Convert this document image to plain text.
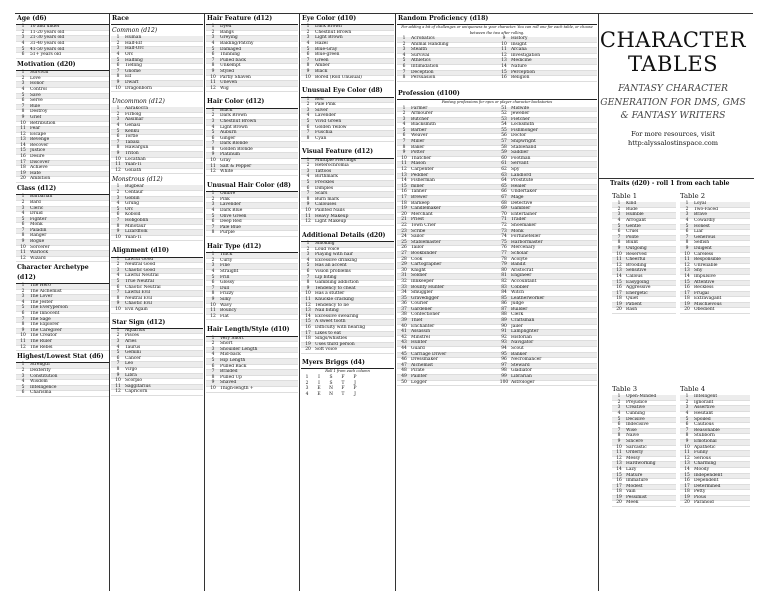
Age (d6)
1	10 and under
2	11-20 years old
3	21-30 years old
4	31-40 years old
5	41-50 years old
6	51+ years old
Motivation (d20)
1	Survival
2	Love
3	Honor
4	Control
5	Save
6	Serve
7	Rule
8	Destroy
9	Grief
10 Retribution
11 Fear
12 Escape
13 Revenge
14 Recover
15 Justice
16 Desire
17 Discover
18 Achieve
19 Hate
20 Ambition
Class (d12)
1	Barbarian
2	Bard
3	Cleric
4	Druid
5	Fighter
6	Monk
7	Paladin
8	Ranger
9	Rogue
10 Sorcerer
11 Warlock
12 Wizard
Character Archetype (d12)
1	The Hero
2	The Alchemist
3	The Lover
4	The Jester
5	The Everyperson
6	The Innocent
7	The Sage
8	The Explorer
9	The Caregiver
10 The Creator
11 The Ruler
12 The Rebel
Highest/Lowest Stat (d6)
1	Strength
2	Dexterity
3	Constitution
4	Wisdom
5	Intelligence
6	Charisma
Race
Common (d12)
1	Human
2	Half-Elf
3	Half-Orc
4	Orc
5	Halfling
6	Tiefling
7	Gnome
8	Elf
9	Dwarf
10 Dragonborn
Uncommon (d12)
1	Aarakocra
2	Firbolg
3	Aasimar
4	Genasi
5	Kenku
6	Tortle
7	Tabaxi
8	Hawargun
9	Triton
10 Locathah
11 Yuan-Ti
12 Goliath
Monstrous (d12)
1	Bugbear
2	Centaur
3	Goblin
4	Grung
5	Orc
6	Kobold
7	Hobgoblin
8	Minotaur
9	Lizardfolk
10 Yuan-Ti
Alignment (d10)
1	Lawful Good
2	Neutral Good
3	Chaotic Good
4	Lawful Neutral
5	True Neutral
6	Chaotic Neutral
7	Lawful Evil
8	Neutral Evil
9	Chaotic Evil
10 Evil Again
Star Sign (d12)
1	Aquarius
2	Pisces
3	Aries
4	Taurus
5	Gemini
6	Cancer
7	Leo
8	Virgo
9	Libra
10 Scorpio
11 Saggitarius
12 Capricorn
Hair Feature (d12)
1	Dyed
2	Bangs
3	Greying
4	Balding/Patchy
5	Damaged
6	Thinning
7	Pulled back
8	Unkempt
9	Styled
10 Partly Shaven
11 Uneven
12 Wig
Hair Color (d12)
1	Black
2	Dark Brown
3	Chestnut Brown
4	Light Brown
5	Auburn
6	Ginger
7	Dark Blonde
8	Golden Blonde
9	Platinum
10 Gray
11 Salt & Pepper
12 White
Unusual Hair Color (d8)
1	Ombre
2	Pink
3	Lavender
4	Dark Blue
5	Olive Green
6	Deep Red
7	Pale Blue
8	Purple
Hair Type (d12)
1	Thick
2	Curly
3	Fine
4	Straight
5	Frill
6	Glossy
7	Dull
8	Frizzy
9	Silky
10 Wavy
11 Bouncy
12 Flat
Hair Length/Style (d10)
1	Very Short
2	Short
3	Shoulder Length
4	Mid-back
5	Hip Length
6	Pulled Back
7	Braided
8	Pulled Up
9	Shaved
10 Thigh-length +
Eye Color (d10)
1	Dark Brown
2	Chestnut Brown
3	Light Brown
4	Hazel
5	Blue-Gray
6	Blue-green
7	Green
8	Amber
9	Black
10 Bored (Roll Unusual)
Unusual Eye Color (d8)
1	Red
2	Pale Pink
3	Silver
4	Lavender
5	Vivid Green
6	Golden Yellow
7	Fuschia
8	Cyan
Visual Feature (d12)
1	Multiple Piercings
2	Heterochromia
3	Tattoos
4	Birthmark
5	Freckles
6	Dimples
7	Scars
8	Burn mark
9	Callouses
10 Painted Nails
11 Heavy Makeup
12 Light Makeup
Additional Details (d20)
1	Smoking
2	Loud voice
3	Playing with hair
4	Excessive drinking
5	Has an accent
6	Vision problems
7	Lip biting
8	Gambling addiction
9	Tendency to cheat
10 Has a stutter
11 Knuckle cracking
12 Tendency to lie
13 Nail biting
14 Excessive swearing
15 A sweet tooth
16 Difficulty with hearing
17 Likes to eat
18 Sings/whistles
19 Uses third person
20 Soft voice
Myers Briggs (d4)
Roll 1 from each column
1	I	S	F	P
2	I	S	T	J
3	E	N	F	P
4	E	N	T	J
Random Proficiency (d18)
For adding a bit of challenges or uniqueness to your character. You can roll one for each table, or choose between the two after rolling.
1	Acrobatics	9	History
2	Animal Handling	10 Insight
3	Stealth	11 Arcana
4	Survival	12 Investigation
5	Athletics	13 Medicine
6	Intimidation	14 Nature
7	Deception	15 Perception
8	Persuasion	16 Religion
Profession (d100)
Fantasy professions for npcs or player character backstories
1	Farmer	51 Midwife
2	Armourer	52 Jeweller
3	Butcher	53 Fletcher
4	Blacksmith	54 Locksmith
5	Barber	55 Fishmonger
6	Weaver	56 Doctor
7	Miller	57 Shipwright
8	Baker	58 Stablehand
9	Potter	59 Saddler
10 Thatcher	60 Footman
11 Mason	61 Servant
12 Carpenter	62 Spy
13 Peddler	63 Landlord
14 Fisherman	64 Prostitute
15 miner	65 Healer
16 Tanner	66 Undertaker
17 Brewer	67 Mage
18 Barkeep	68 Detective
19 Candlemaker	69 Gambler
20 Merchant	70 Entertainer
21 Priest	71 Trader
22 Town Crier	72 Shoemaker
23 Scribe	73 Monk
24 Sailor	74 Fortuneteller
25 Stablemaster	75 Harbormaster
26 Tailor	76 Mercenary
27 Bookbinder	77 Scholar
28 Cook	78 Acolyte
29 Cartographer	79 Bandit
30 Knight	80 Aristocrat
31 Soldier	81 Engineer
32 Innkeeper	82 Accountant
33 Bounty Hunter	83 Cobbler
34 Smuggler	84 Witch
35 Gravedigger	85 Leatherworker
36 Courier	86 Judge
37 Gardener	87 Builder
38 Confectioner	88 Clerk
39 Thief	89 Craftsman
40 Enchanter	90 Jailer
41 Assassin	91 Lamplighter
42 Minstrel	92 Historian
43 Hunter	93 Navigator
44 Guard	94 Scout
45 Carriage Driver	95 Banker
46 Dressmaker	96 Necromancer
47 Alchemist	97 Steward
48 Pirate	98 Gladiator
49 Painter	99 Librarian
50 Logger	100 Astrologer
CHARACTER TABLES
FANTASY CHARACTER GENERATION FOR DMS, GMS & FANTASY WRITERS
For more resources, visit http:alyssalostinspace.com
Traits (d20) - roll 1 from each table
Table 1
1	Kind
2	Rude
3	Humble
4	Arrogant
5	Gentle
6	Cruel
7	Polite
8	Blunt
9	Outgoing
10 Reserved
11 Cheerful
12 Brooding
13 Sensitive
14 Callous
15 Easygoing
16 Aggressive
17 Energetic
18 Quiet
19 Patient
20 Rash
Table 2
1	Loyal
2	Two-Faced
3	Brave
4	Cowardly
5	Honest
6	Liar
7	Generous
8	Selfish
9	Diligent
10 Careless
11 Responsible
12 Unreliable
13 Shy
14 Impulsive
15 Attentive
16 Reckless
17 Frugal
18 Extravagant
19 Mischievous
20 Obedient
Table 3
1	Open-Minded
2	Prejudice
3	Creative
4	Cunning
5	Decisive
6	Indecisive
7	Wise
8	Naive
9	Sincere
10 Sarcastic
11 Orderly
12 Messy
13 Hardworking
14 Lazy
15 Mature
16 Immature
17 Modest
18 Vain
19 Pessimist
20 Meek
Table 4
1	Intelligent
2	Ignorant
3	Assertive
4	Hesitant
5	Spoiled
6	Cautious
7	Reasonable
8	Stubborn
9	Emotional
10 Apathetic
11 Funny
12 Serious
13 Charming
14 Moody
15 Independent
16 Dependent
17 Determined
18 Petty
19 Pious
20 Paranoid
